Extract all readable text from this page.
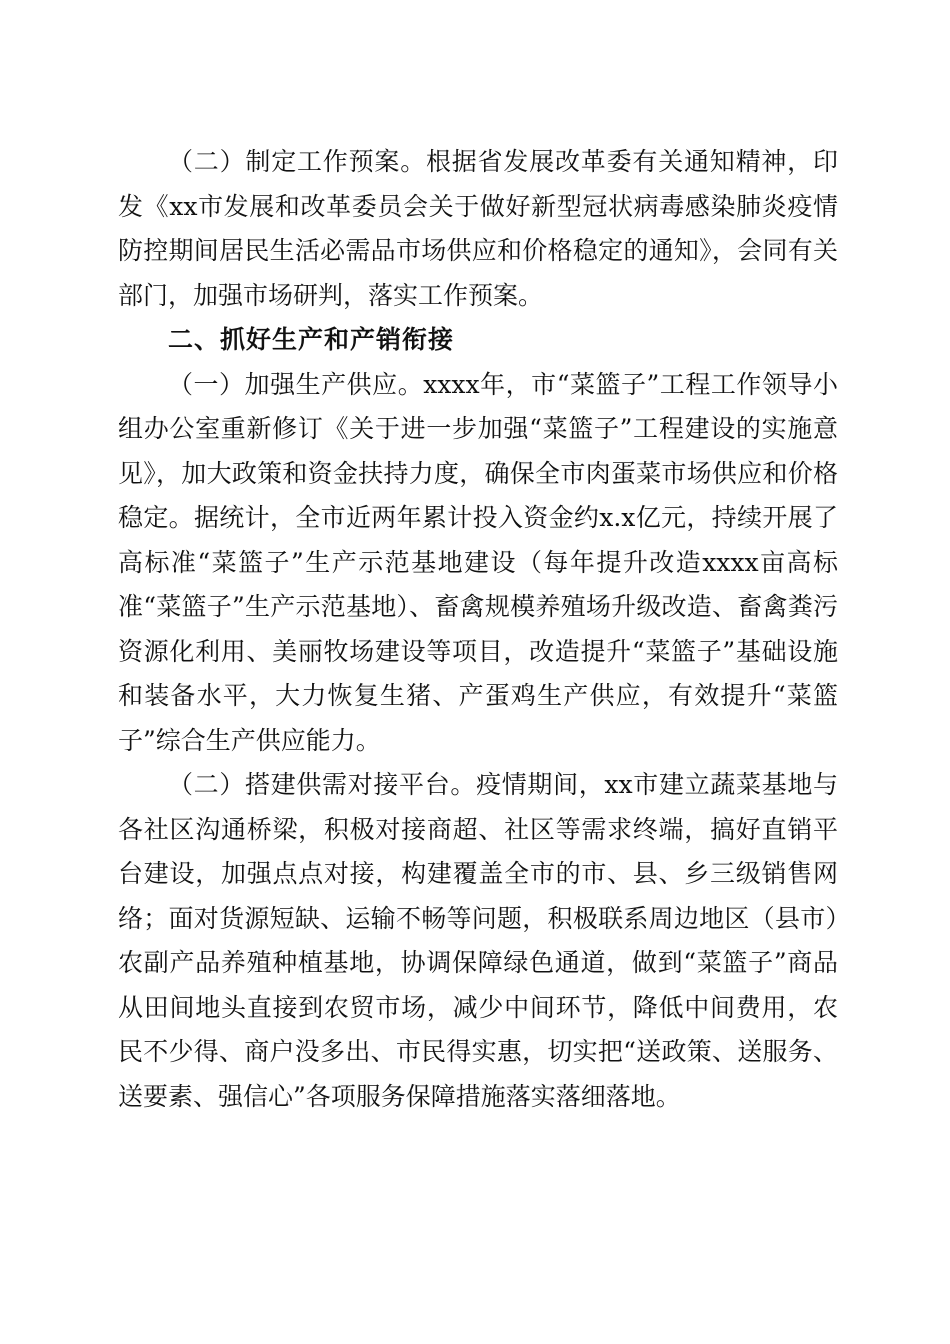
（二）制定工作预案。根据省发展改革委有关通知精神，印发《xx市发展和改革委员会关于做好新型冠状病毒感染肺炎疫情防控期间居民生活必需品市场供应和价格稳定的通知》，会同有关部门，加强市场研判，落实工作预案。

二、抓好生产和产销衔接

（一）加强生产供应。xxxx年，市“菜篮子”工程工作领导小组办公室重新修订《关于进一步加强“菜篮子”工程建设的实施意见》，加大政策和资金扶持力度，确保全市肉蛋菜市场供应和价格稳定。据统计，全市近两年累计投入资金约x.x亿元，持续开展了高标准“菜篮子”生产示范基地建设（每年提升改造xxxx亩高标准“菜篮子”生产示范基地）、畜禽规模养殖场升级改造、畜禽粪污资源化利用、美丽牧场建设等项目，改造提升“菜篮子”基础设施和装备水平，大力恢复生猪、产蛋鸡生产供应，有效提升“菜篮子”综合生产供应能力。

（二）搭建供需对接平台。疫情期间，xx市建立蔬菜基地与各社区沟通桥梁，积极对接商超、社区等需求终端，搞好直销平台建设，加强点点对接，构建覆盖全市的市、县、乡三级销售网络；面对货源短缺、运输不畅等问题，积极联系周边地区（县市）农副产品养殖种植基地，协调保障绿色通道，做到“菜篮子”商品从田间地头直接到农贸市场，减少中间环节，降低中间费用，农民不少得、商户没多出、市民得实惠，切实把“送政策、送服务、送要素、强信心”各项服务保障措施落实落细落地。
